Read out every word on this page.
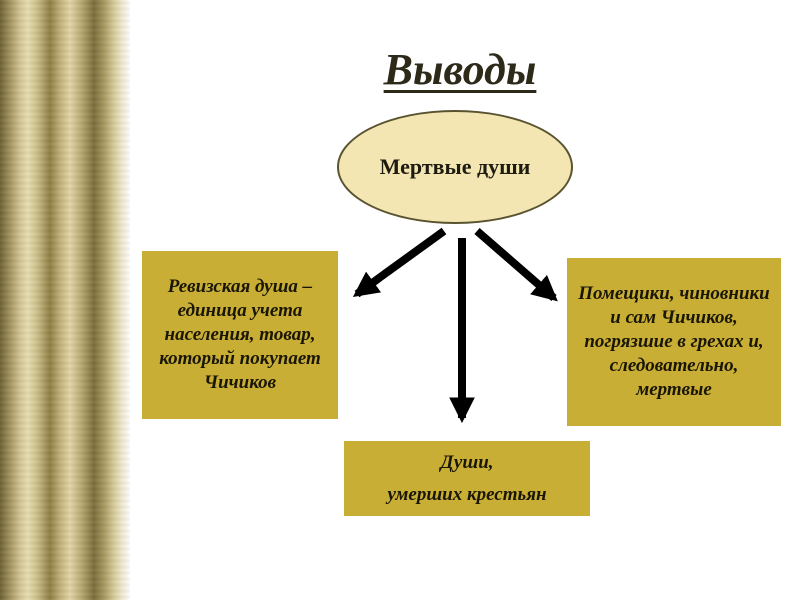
Выводы
Мертвые души
Ревизская душа – единица учета населения, товар, который покупает Чичиков
Помещики, чиновники и сам Чичиков, погрязшие в грехах и, следовательно, мертвые
Души,
умерших крестьян
